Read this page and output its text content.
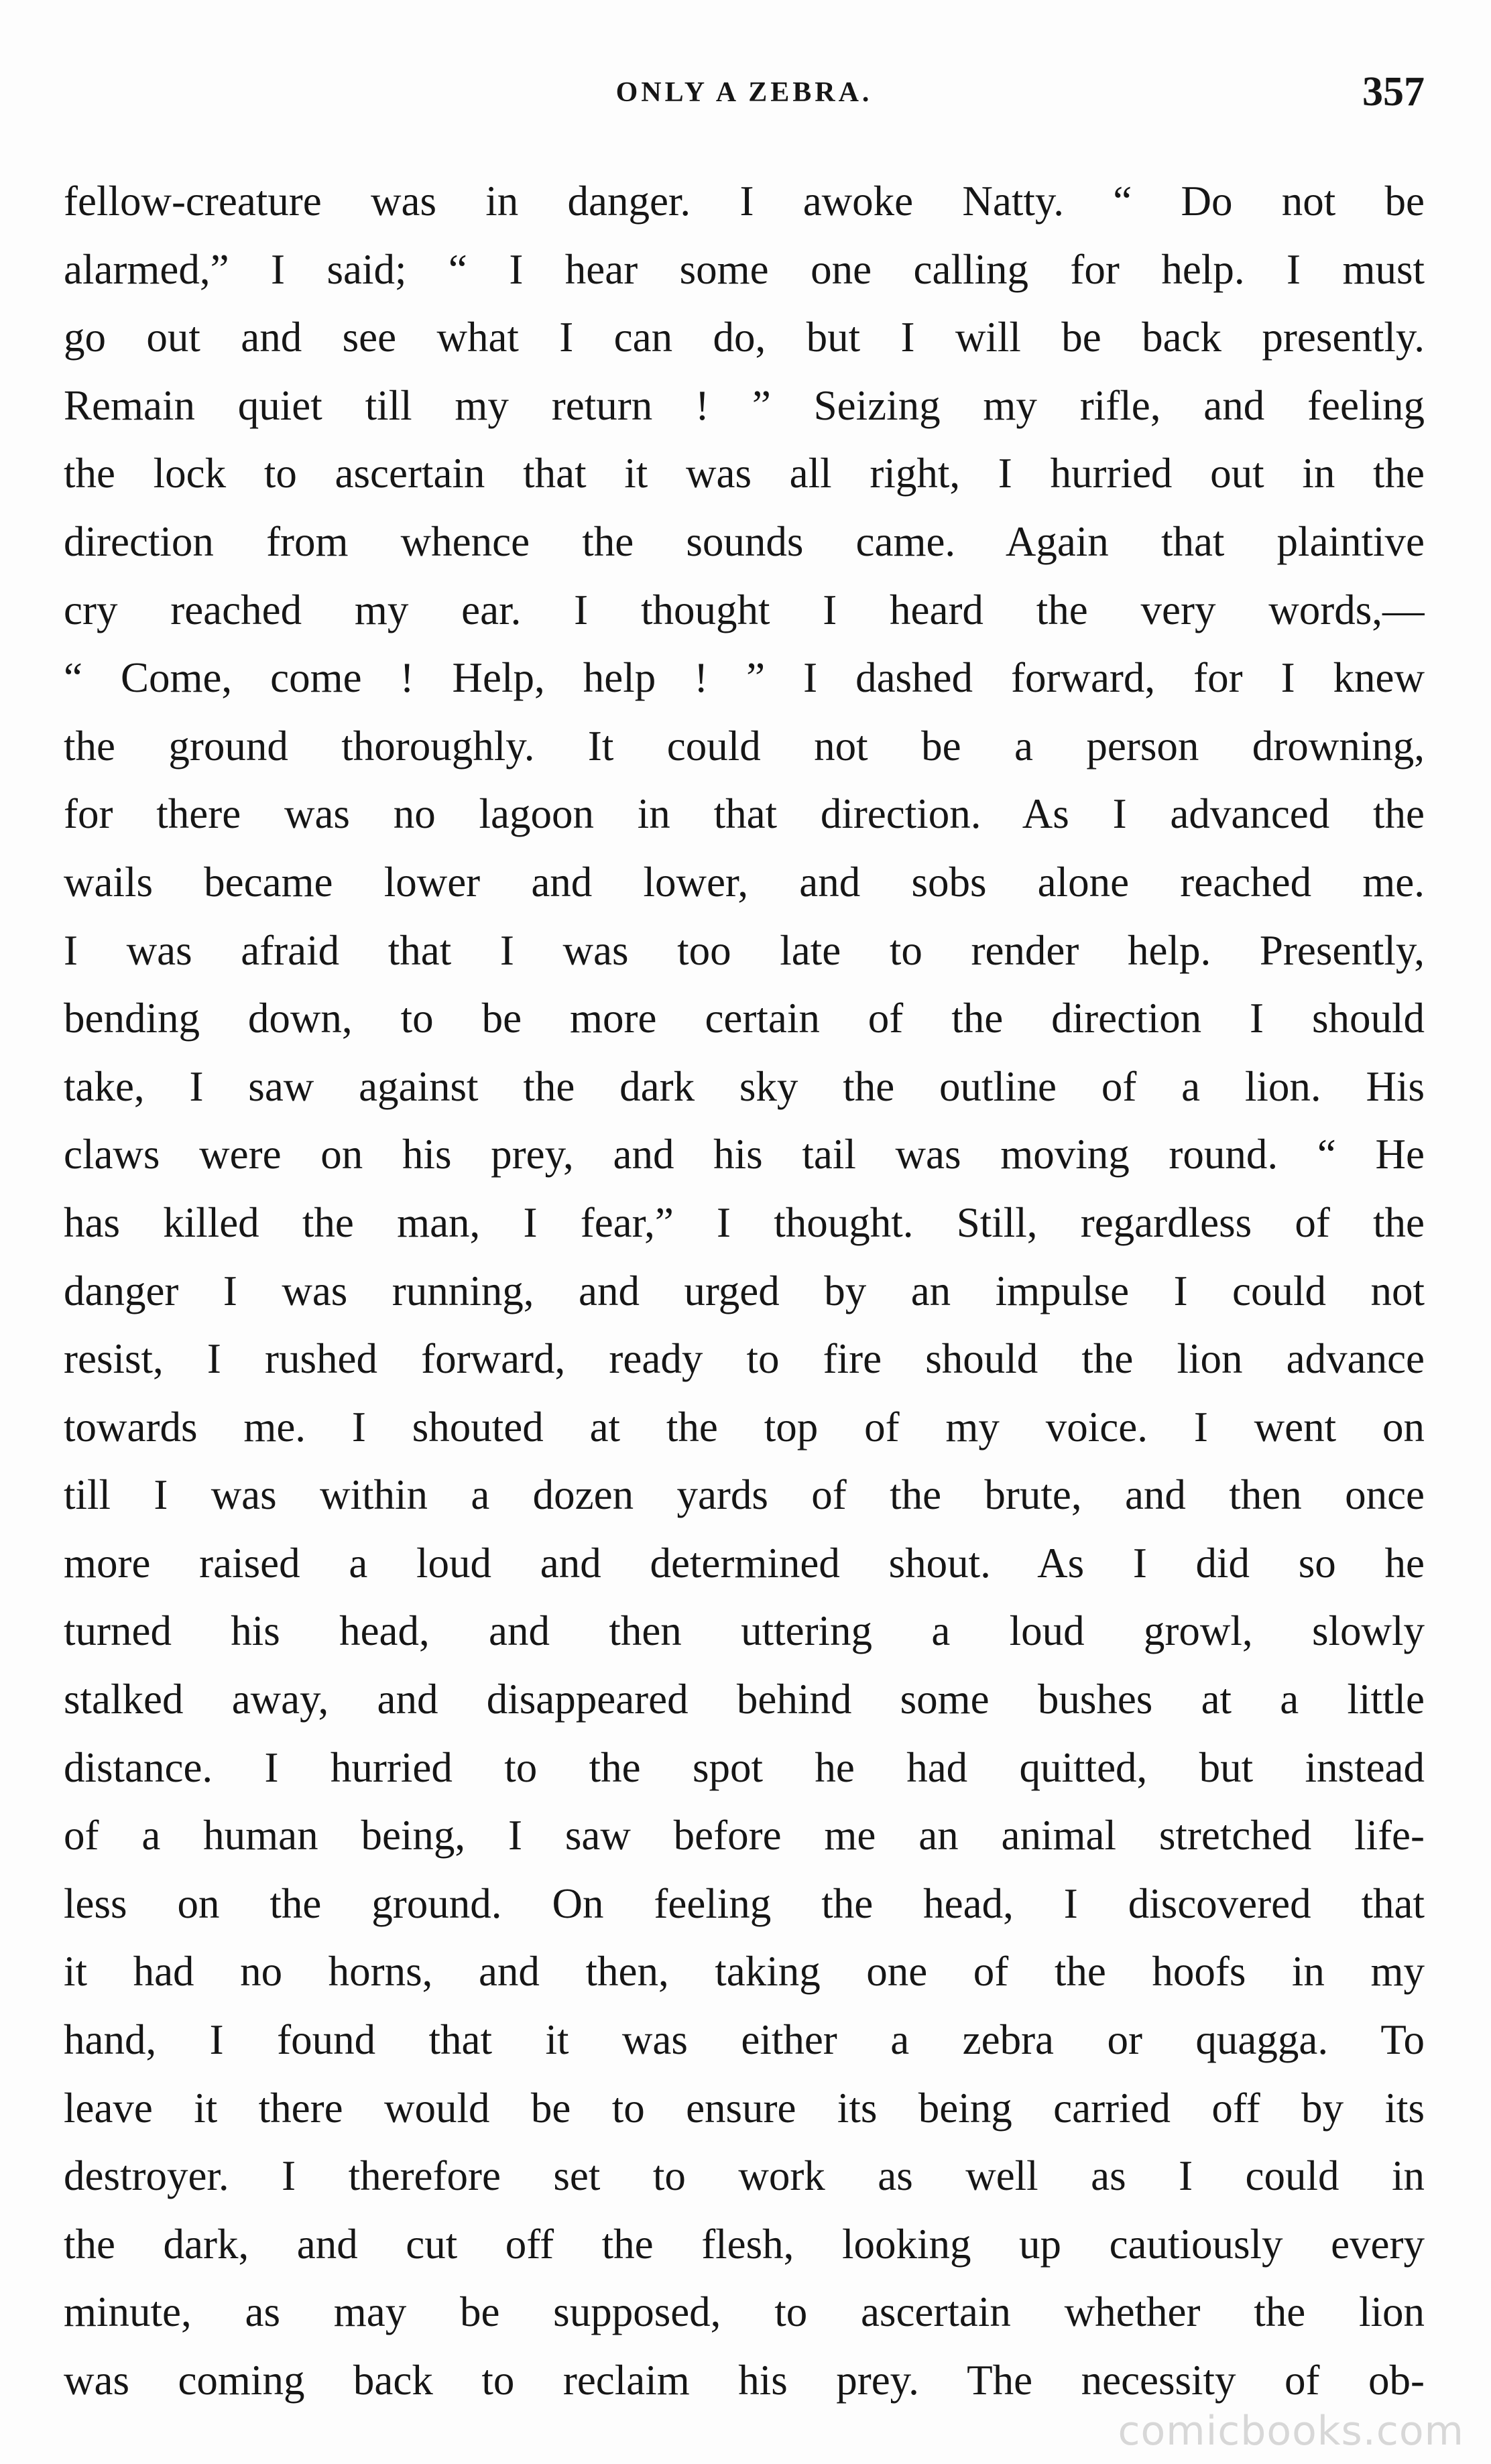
ONLY A ZEBRA.	357
fellow-creature was in danger. I awoke Natty. “ Do not be
alarmed,” I said; “ I hear some one calling for help. I must
go out and see what I can do, but I will be back presently.
Remain quiet till my return ! ” Seizing my rifle, and feeling
the lock to ascertain that it was all right, I hurried out in the
direction from whence the sounds came. Again that plaintive
cry reached my ear. I thought I heard the very words,—
“ Come, come ! Help, help ! ” I dashed forward, for I knew
the ground thoroughly. It could not be a person drowning,
for there was no lagoon in that direction. As I advanced the
wails became lower and lower, and sobs alone reached me.
I was afraid that I was too late to render help. Presently,
bending down, to be more certain of the direction I should
take, I saw against the dark sky the outline of a lion. His
claws were on his prey, and his tail was moving round. “ He
has killed the man, I fear,” I thought. Still, regardless of the
danger I was running, and urged by an impulse I could not
resist, I rushed forward, ready to fire should the lion advance
towards me. I shouted at the top of my voice. I went on
till I was within a dozen yards of the brute, and then once
more raised a loud and determined shout. As I did so he
turned his head, and then uttering a loud growl, slowly
stalked away, and disappeared behind some bushes at a little
distance. I hurried to the spot he had quitted, but instead
of a human being, I saw before me an animal stretched life-
less on the ground. On feeling the head, I discovered that
it had no horns, and then, taking one of the hoofs in my
hand, I found that it was either a zebra or quagga. To
leave it there would be to ensure its being carried off by its
destroyer. I therefore set to work as well as I could in
the dark, and cut off the flesh, looking up cautiously every
minute, as may be supposed, to ascertain whether the lion
was coming back to reclaim his prey. The necessity of ob-
comicbooks.com
